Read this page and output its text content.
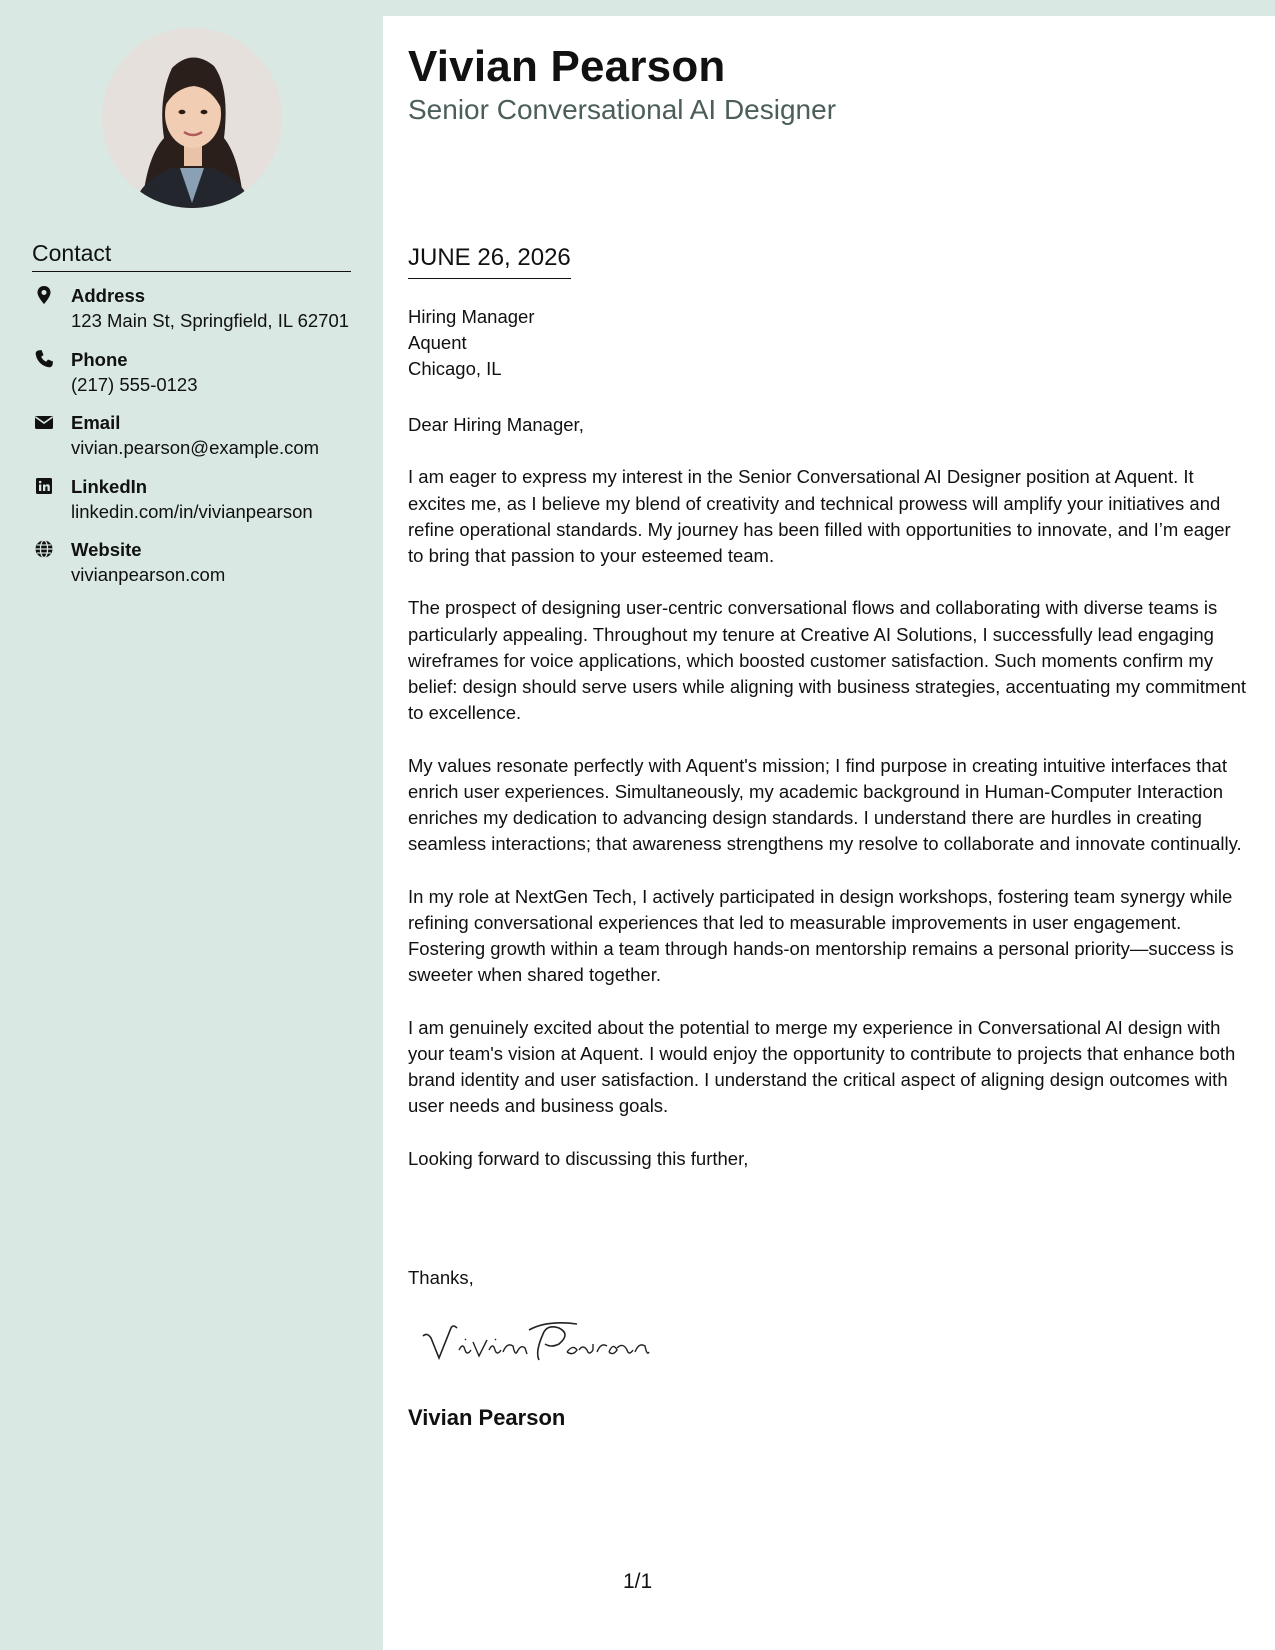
Contact
Address
123 Main St, Springfield, IL 62701
Phone
(217) 555-0123
Email
vivian.pearson@example.com
LinkedIn
linkedin.com/in/vivianpearson
Website
vivianpearson.com
Vivian Pearson
Senior Conversational AI Designer
JUNE 26, 2026
Hiring Manager
Aquent
Chicago, IL

Dear Hiring Manager,

I am eager to express my interest in the Senior Conversational AI Designer position at Aquent. It excites me, as I believe my blend of creativity and technical prowess will amplify your initiatives and refine operational standards. My journey has been filled with opportunities to innovate, and I’m eager to bring that passion to your esteemed team.

The prospect of designing user-centric conversational flows and collaborating with diverse teams is particularly appealing. Throughout my tenure at Creative AI Solutions, I successfully lead engaging wireframes for voice applications, which boosted customer satisfaction. Such moments confirm my belief: design should serve users while aligning with business strategies, accentuating my commitment to excellence.

My values resonate perfectly with Aquent's mission; I find purpose in creating intuitive interfaces that enrich user experiences. Simultaneously, my academic background in Human-Computer Interaction enriches my dedication to advancing design standards. I understand there are hurdles in creating seamless interactions; that awareness strengthens my resolve to collaborate and innovate continually.

In my role at NextGen Tech, I actively participated in design workshops, fostering team synergy while refining conversational experiences that led to measurable improvements in user engagement. Fostering growth within a team through hands-on mentorship remains a personal priority—success is sweeter when shared together.

I am genuinely excited about the potential to merge my experience in Conversational AI design with your team's vision at Aquent. I would enjoy the opportunity to contribute to projects that enhance both brand identity and user satisfaction. I understand the critical aspect of aligning design outcomes with user needs and business goals.

Looking forward to discussing this further,

Thanks,
Vivian Pearson
1/1
